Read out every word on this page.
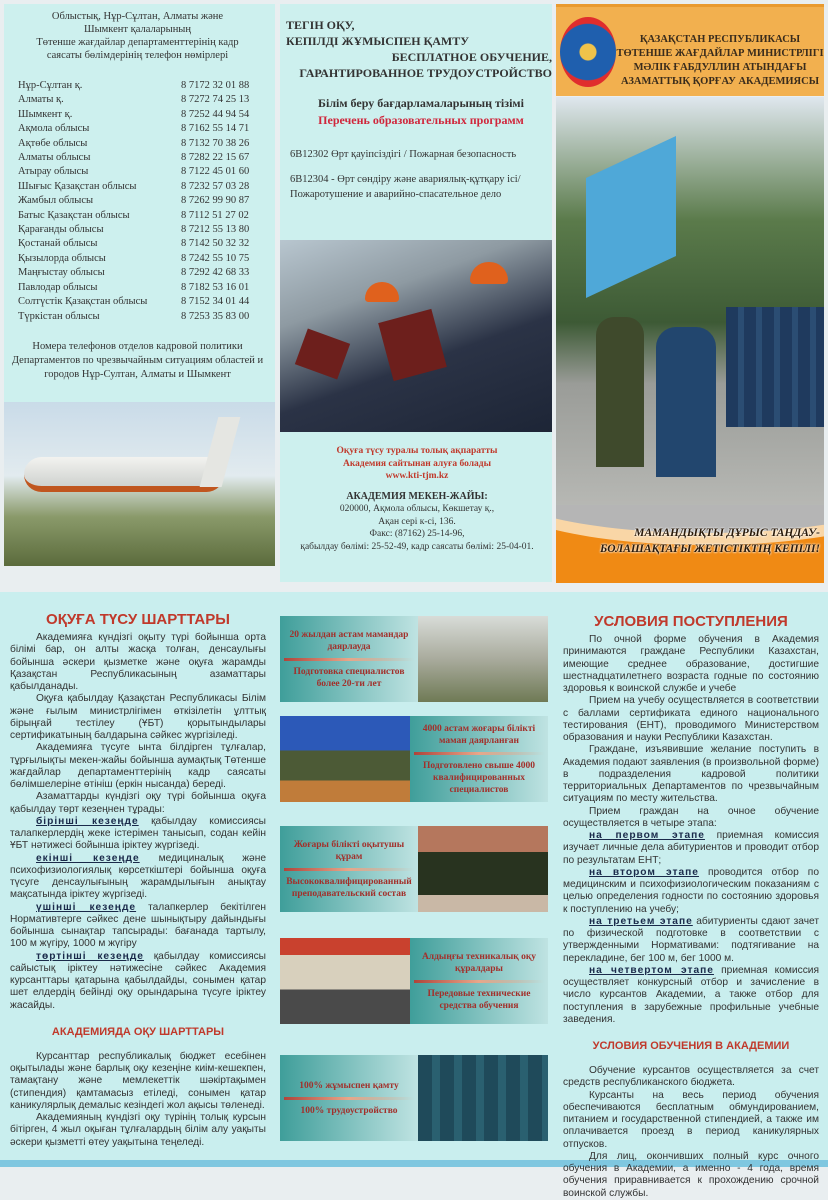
Облыстық, Нұр-Сұлтан, Алматы және
Шымкент қалаларының
Төтенше жағдайлар департаменттерінің кадр
саясаты бөлімдерінің телефон нөмірлері
Нұр-Сұлтан қ.	8 7172 32 01 88
Алматы қ.	8 7272 74 25 13
Шымкент қ.	8 7252 44 94 54
Ақмола облысы	8 7162 55 14 71
Ақтөбе облысы	8 7132 70 38 26
Алматы облысы	8 7282 22 15 67
Атырау облысы	8 7122 45 01 60
Шығыс Қазақстан облысы	8 7232 57 03 28
Жамбыл облысы	8 7262 99 90 87
Батыс Қазақстан облысы	8 7112 51 27 02
Қарағанды облысы	8 7212 55 13 80
Қостанай облысы	8 7142 50 32 32
Қызылорда облысы	8 7242 55 10 75
Маңғыстау облысы	8 7292 42 68 33
Павлодар облысы	8 7182 53 16 01
Солтүстік Қазақстан облысы	8 7152 34 01 44
Түркістан облысы	8 7253 35 83 00
Номера телефонов отделов кадровой политики Департаментов по чрезвычайным ситуациям областей и городов Нұр-Султан, Алматы и Шымкент
ТЕГІН ОҚУ,
КЕПІЛДІ ЖҰМЫСПЕН ҚАМТУ
БЕСПЛАТНОЕ ОБУЧЕНИЕ,
ГАРАНТИРОВАННОЕ ТРУДОУСТРОЙСТВО
Білім беру бағдарламаларының тізімі
Перечень образовательных программ
6В12302 Өрт қауіпсіздігі / Пожарная безопасность
6В12304 - Өрт сөндіру және авариялық-құтқару ісі/ Пожаротушение и аварийно-спасательное дело
Оқуға түсу туралы толық ақпаратты
Академия сайтынан алуға болады
www.kti-tjm.kz
АКАДЕМИЯ МЕКЕН-ЖАЙЫ:
020000, Ақмола облысы, Көкшетау қ.,
Ақан сері к-сі, 136.
Факс: (87162) 25-14-96,
қабылдау бөлімі: 25-52-49, кадр саясаты бөлімі: 25-04-01.
ҚАЗАҚСТАН РЕСПУБЛИКАСЫ
ТӨТЕНШЕ ЖАҒДАЙЛАР МИНИСТРЛІГІ
МӘЛІК ҒАБДУЛЛИН АТЫНДАҒЫ
АЗАМАТТЫҚ ҚОРҒАУ АКАДЕМИЯСЫ
МАМАНДЫҚТЫ ДҰРЫС ТАҢДАУ-
БОЛАШАҚТАҒЫ ЖЕТІСТІКТІҢ КЕПІЛІ!
ОҚУҒА ТҮСУ ШАРТТАРЫ

Академияға күндізгі оқыту түрі бойынша орта білімі бар, он алты жасқа толған, денсаулығы бойынша әскери қызметке және оқуға жарамды Қазақстан Республикасының азаматтары қабылданады.

Оқуға қабылдау Қазақстан Республикасы Білім және ғылым министрлігімен өткізілетін ұлттық бірыңғай тестілеу (ҰБТ) қорытындылары сертификатының балдарына сәйкес жүргізіледі.

Академияға түсуге ынта білдірген тұлғалар, тұрғылықты мекен-жайы бойынша аумақтық Төтенше жағдайлар департаменттерінің кадр саясаты бөлімшелеріне өтініш (еркін нысанда) береді.

Азаматтарды күндізгі оқу түрі бойынша оқуға қабылдау төрт кезеңнен тұрады:

бірінші кезеңде қабылдау комиссиясы талапкерлердің жеке істерімен танысып, содан кейін ҰБТ нәтижесі бойынша іріктеу жүргізеді.

екінші кезеңде медициналық және психофизиологиялық көрсеткіштері бойынша оқуға түсуге денсаулығының жарамдылығын анықтау мақсатында іріктеу жүргізеді.

үшінші кезеңде талапкерлер бекітілген Нормативтерге сәйкес дене шынықтыру дайындығы бойынша сынақтар тапсырады: бағанада тартылу, 100 м жүгіру, 1000 м жүгіру

төртінші кезеңде қабылдау комиссиясы сайыстық іріктеу нәтижесіне сәйкес Академия курсанттары қатарына қабылдайды, сонымен қатар шет елдердің бейінді оқу орындарына түсуге іріктеу жасайды.

АКАДЕМИЯДА ОҚУ ШАРТТАРЫ

Курсанттар республикалық бюджет есебінен оқытылады және барлық оқу кезеңіне киім-кешекпен, тамақтану және мемлекеттік шәкіртақымен (стипендия) қамтамасыз етіледі, сонымен қатар каникулярлық демалыс кезіндегі жол ақысы төленеді.

Академияның күндізгі оқу түрінің толық курсын бітірген, 4 жыл оқыған тұлғалардың білім алу уақыты әскери қызметті өтеу уақытына теңеледі.

20 жылдан астам мамандар даярлауда
Подготовка специалистов более 20-ти лет
4000 астам жоғары білікті маман даярланған
Подготовлено свыше 4000 квалифицированных специалистов
Жоғары білікті оқытушы құрам
Высококвалифицированный преподавательский состав
Алдыңғы техникалық оқу құралдары
Передовые технические средства обучения
100% жұмыспен қамту
100% трудоустройство
УСЛОВИЯ ПОСТУПЛЕНИЯ

По очной форме обучения в Академия принимаются граждане Республики Казахстан, имеющие среднее образование, достигшие шестнадцатилетнего возраста годные по состоянию здоровья к воинской службе и учебе

Прием на учебу осуществляется в соответствии с баллами сертификата единого национального тестирования (ЕНТ), проводимого Министерством образования и науки Республики Казахстан.

Граждане, изъявившие желание поступить в Академия подают заявления (в произвольной форме) в подразделения кадровой политики территориальных Департаментов по чрезвычайным ситуациям по месту жительства.

Прием граждан на очное обучение осуществляется в четыре этапа:

на первом этапе приемная комиссия изучает личные дела абитуриентов и проводит отбор по результатам ЕНТ;

на втором этапе проводится отбор по медицинским и психофизиологическим показаниям с целью определения годности по состоянию здоровья к поступлению на учебу;

на третьем этапе абитуриенты сдают зачет по физической подготовке в соответствии с утвержденными Нормативами: подтягивание на перекладине, бег 100 м, бег 1000 м.

на четвертом этапе приемная комиссия осуществляет конкурсный отбор и зачисление в число курсантов Академии, а также отбор для поступления в зарубежные профильные учебные заведения.

УСЛОВИЯ ОБУЧЕНИЯ В АКАДЕМИИ

Обучение курсантов осуществляется за счет средств республиканского бюджета.

Курсанты на весь период обучения обеспечиваются бесплатным обмундированием, питанием и государственной стипендией, а также им оплачивается проезд в период каникулярных отпусков.

Для лиц, окончивших полный курс очного обучения в Академии, а именно - 4 года, время обучения приравнивается к прохождению срочной воинской службы.
